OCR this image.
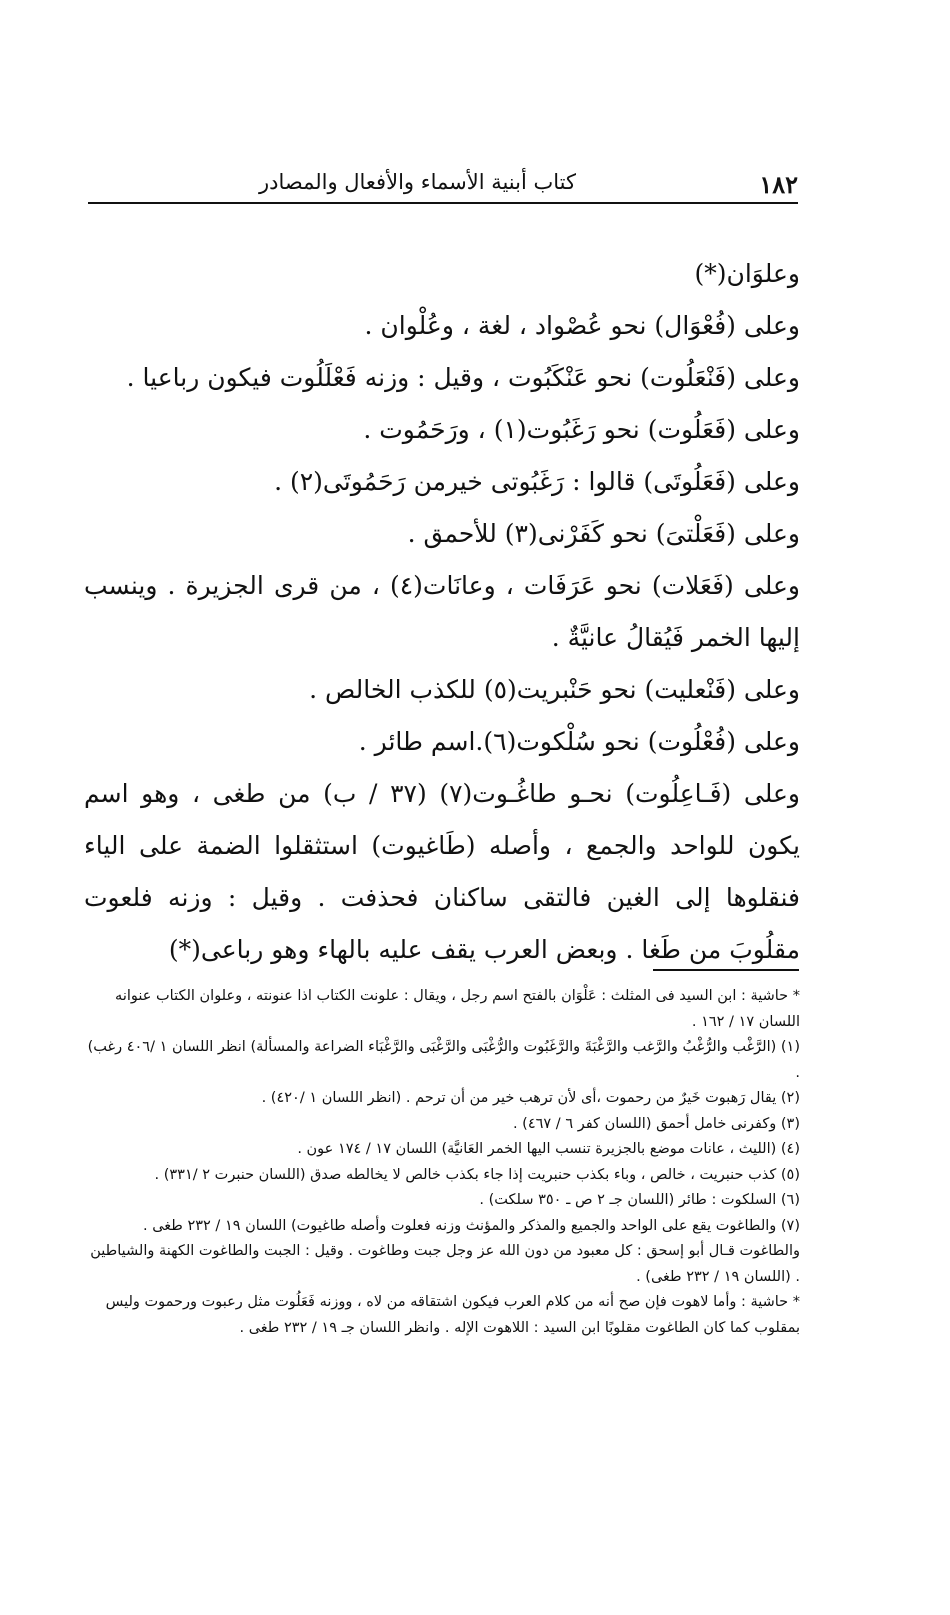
١٨٢
كتاب أبنية الأسماء والأفعال والمصادر

وعلوَان(*)

وعلى (فُعْوَال) نحو عُصْواد ، لغة ، وعُلْوان .

وعلى (فَنْعَلُوت) نحو عَنْكَبُوت ، وقيل : وزنه فَعْلَلُوت فيكون رباعيا .

وعلى (فَعَلُوت) نحو رَغَبُوت(١) ، ورَحَمُوت .

وعلى (فَعَلُوتَى) قالوا : رَغَبُوتى خيرمن رَحَمُوتَى(٢) .

وعلى (فَعَلْتىَ) نحو كَفَرْنى(٣) للأحمق .

وعلى (فَعَلات) نحو عَرَفَات ، وعانَات(٤) ، من قرى الجزيرة . وينسب إليها الخمر فَيُقالُ عانيَّةٌ .

وعلى (فَنْعليت) نحو حَنْبريت(٥) للكذب الخالص .

وعلى (فُعْلُوت) نحو سُلْكوت(٦).اسم طائر .

وعلى (فَـاعِلُوت) نحـو طاغُـوت(٧) (٣٧ / ب) من طغى ، وهو اسم يكون للواحد والجمع ، وأصله (طَاغيوت) استثقلوا الضمة على الياء فنقلوها إلى الغين فالتقى ساكنان فحذفت . وقيل : وزنه فلعوت مقلُوبَ من طَغا . وبعض العرب يقف عليه بالهاء وهو رباعى(*)

* حاشية : ابن السيد فى المثلث : عَلْوَان بالفتح اسم رجل ، ويقال : علونت الكتاب اذا عنونته ، وعلوان الكتاب عنوانه اللسان ١٧ / ١٦٢ .

(١) (الرَّغْب والرُّغْبُ والرَّغب والرَّغْبَةَ والرَّغَبُوت والرُّغْبَى والرَّغْبَى والرَّغْبَاء الضراعة والمسألة) انظر اللسان ١ /٤٠٦ رغب) .

(٢) يقال رَهبوت خَيرٌ من رحموت ،أى لأن ترهب خير من أن ترحم . (انظر اللسان ١ /٤٢٠) .

(٣) وكفرنى خامل أحمق (اللسان كفر ٦ / ٤٦٧) .

(٤) (الليث ، عانات موضع بالجزيرة تنسب اليها الخمر العَانيَّة) اللسان ١٧ / ١٧٤ عون .

(٥) كذب حنبريت ، خالص ، وباء بكذب حنبريت إذا جاء بكذب خالص لا يخالطه صدق (اللسان حنبرت ٢ /٣٣١) .

(٦) السلكوت : طائر (اللسان جـ ٢ ص ـ ٣٥٠ سلكت) .

(٧) والطاغوت يقع على الواحد والجميع والمذكر والمؤنث وزنه فعلوت وأصله طاغيوت) اللسان ١٩ / ٢٣٢ طغى .

والطاغوت قـال أبو إسحق : كل معبود من دون الله عز وجل جبت وطاغوت . وقيل : الجبت والطاغوت الكهنة والشياطين . (اللسان ١٩ / ٢٣٢ طغى) .

* حاشية : وأما لاهوت فإن صح أنه من كلام العرب فيكون اشتقاقه من لاه ، ووزنه فَعَلُوت مثل رعبوت ورحموت وليس بمقلوب كما كان الطاغوت مقلوبًا ابن السيد : اللاهوت الإله . وانظر اللسان جـ ١٩ / ٢٣٢ طغى .
